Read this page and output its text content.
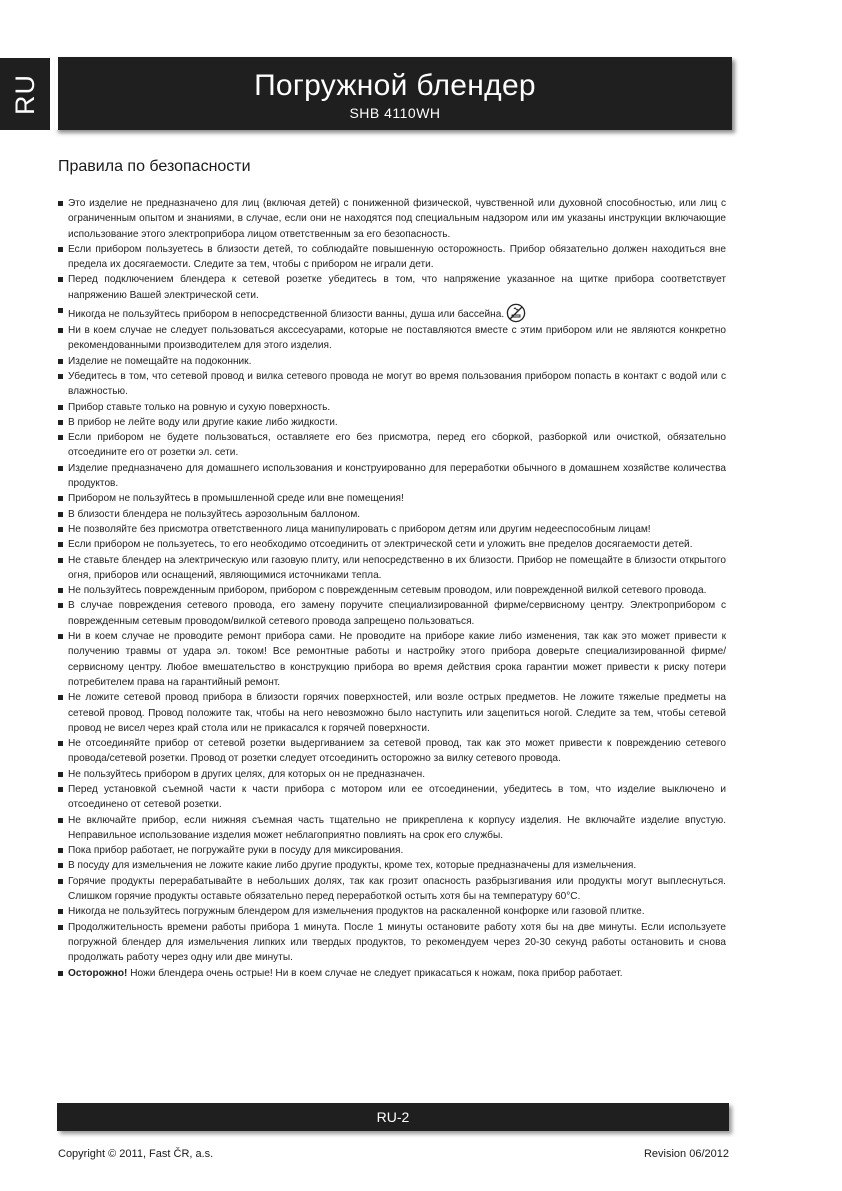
RU	Погружной блендер
SHB 4110WH
Правила по безопасности
Это изделие не предназначено для лиц (включая детей) с пониженной физической, чувственной или духовной способностью, или лиц с ограниченным опытом и знаниями, в случае, если они не находятся под специальным надзором или им указаны инструкции включающие использование этого электроприбора лицом ответственным за его безопасность.
Если прибором пользуетесь в близости детей, то соблюдайте повышенную осторожность. Прибор обязательно должен находиться вне предела их досягаемости. Следите за тем, чтобы с прибором не играли дети.
Перед подключением блендера к сетевой розетке убедитесь в том, что напряжение указанное на щитке прибора соответствует напряжению Вашей электрической сети.
Никогда не пользуйтесь прибором в непосредственной близости ванны, душа или бассейна.
Ни в коем случае не следует пользоваться акссесуарами, которые не поставляются вместе с этим прибором или не являются конкретно рекомендованными производителем для этого изделия.
Изделие не помещайте на подоконник.
Убедитесь в том, что сетевой провод и вилка сетевого провода не могут во время пользования прибором попасть в контакт с водой или с влажностью.
Прибор ставьте только на ровную и сухую поверхность.
В прибор не лейте воду или другие какие либо жидкости.
Если прибором не будете пользоваться, оставляете его без присмотра, перед его сборкой, разборкой или очисткой, обязательно отсоедините его от розетки эл. сети.
Изделие предназначено для домашнего использования и конструированно для переработки обычного в домашнем хозяйстве количества продуктов.
Прибором не пользуйтесь в промышленной среде или вне помещения!
В близости блендера не пользуйтесь аэрозольным баллоном.
Не позволяйте без присмотра ответственного лица манипулировать с прибором детям или другим недееспособным лицам!
Если прибором не пользуетесь, то его необходимо отсоединить от электрической сети и уложить вне пределов досягаемости детей.
Не ставьте блендер на электрическую или газовую плиту, или непосредственно в их близости. Прибор не помещайте в близости открытого огня, приборов или оснащений, являющимися источниками тепла.
Не пользуйтесь поврежденным прибором, прибором с поврежденным сетевым проводом, или поврежденной вилкой сетевого провода.
В случае повреждения сетевого провода, его замену поручите специализированной фирме/сервисному центру. Электроприбором с поврежденным сетевым проводом/вилкой сетевого провода запрещено пользоваться.
Ни в коем случае не проводите ремонт прибора сами. Не проводите на приборе какие либо изменения, так как это может привести к получению травмы от удара эл. током! Все ремонтные работы и настройку этого прибора доверьте специализированной фирме/сервисному центру. Любое вмешательство в конструкцию прибора во время действия срока гарантии может привести к риску потери потребителем права на гарантийный ремонт.
Не ложите сетевой провод прибора в близости горячих поверхностей, или возле острых предметов. Не ложите тяжелые предметы на сетевой провод. Провод положите так, чтобы на него невозможно было наступить или зацепиться ногой. Следите за тем, чтобы сетевой провод не висел через край стола или не прикасался к горячей поверхности.
Не отсоединяйте прибор от сетевой розетки выдергиванием за сетевой провод, так как это может привести к повреждению сетевого провода/сетевой розетки. Провод от розетки следует отсоединить осторожно за вилку сетевого провода.
Не пользуйтесь прибором в других целях, для которых он не предназначен.
Перед установкой съемной части к части прибора с мотором или ее отсоединении, убедитесь в том, что изделие выключено и отсоединено от сетевой розетки.
Не включайте прибор, если нижняя съемная часть тщательно не прикреплена к корпусу изделия. Не включайте изделие впустую. Неправильное использование изделия может неблагоприятно повлиять на срок его службы.
Пока прибор работает, не погружайте руки в посуду для миксирования.
В посуду для измельчения не ложите какие либо другие продукты, кроме тех, которые предназначены для измельчения.
Горячие продукты перерабатывайте в небольших долях, так как грозит опасность разбрызгивания или продукты могут выплеснуться. Слишком горячие продукты оставьте обязательно перед переработкой остыть хотя бы на температуру 60°C.
Никогда не пользуйтесь погружным блендером для измельчения продуктов на раскаленной конфорке или газовой плитке.
Продолжительность времени работы прибора 1 минута. После 1 минуты остановите работу хотя бы на две минуты. Если используете погружной блендер для измельчения липких или твердых продуктов, то рекомендуем через 20-30 секунд работы остановить и снова продолжать работу через одну или две минуты.
Осторожно! Ножи блендера очень острые! Ни в коем случае не следует прикасаться к ножам, пока прибор работает.
RU-2
Copyright © 2011, Fast ČR, a.s.	Revision 06/2012
